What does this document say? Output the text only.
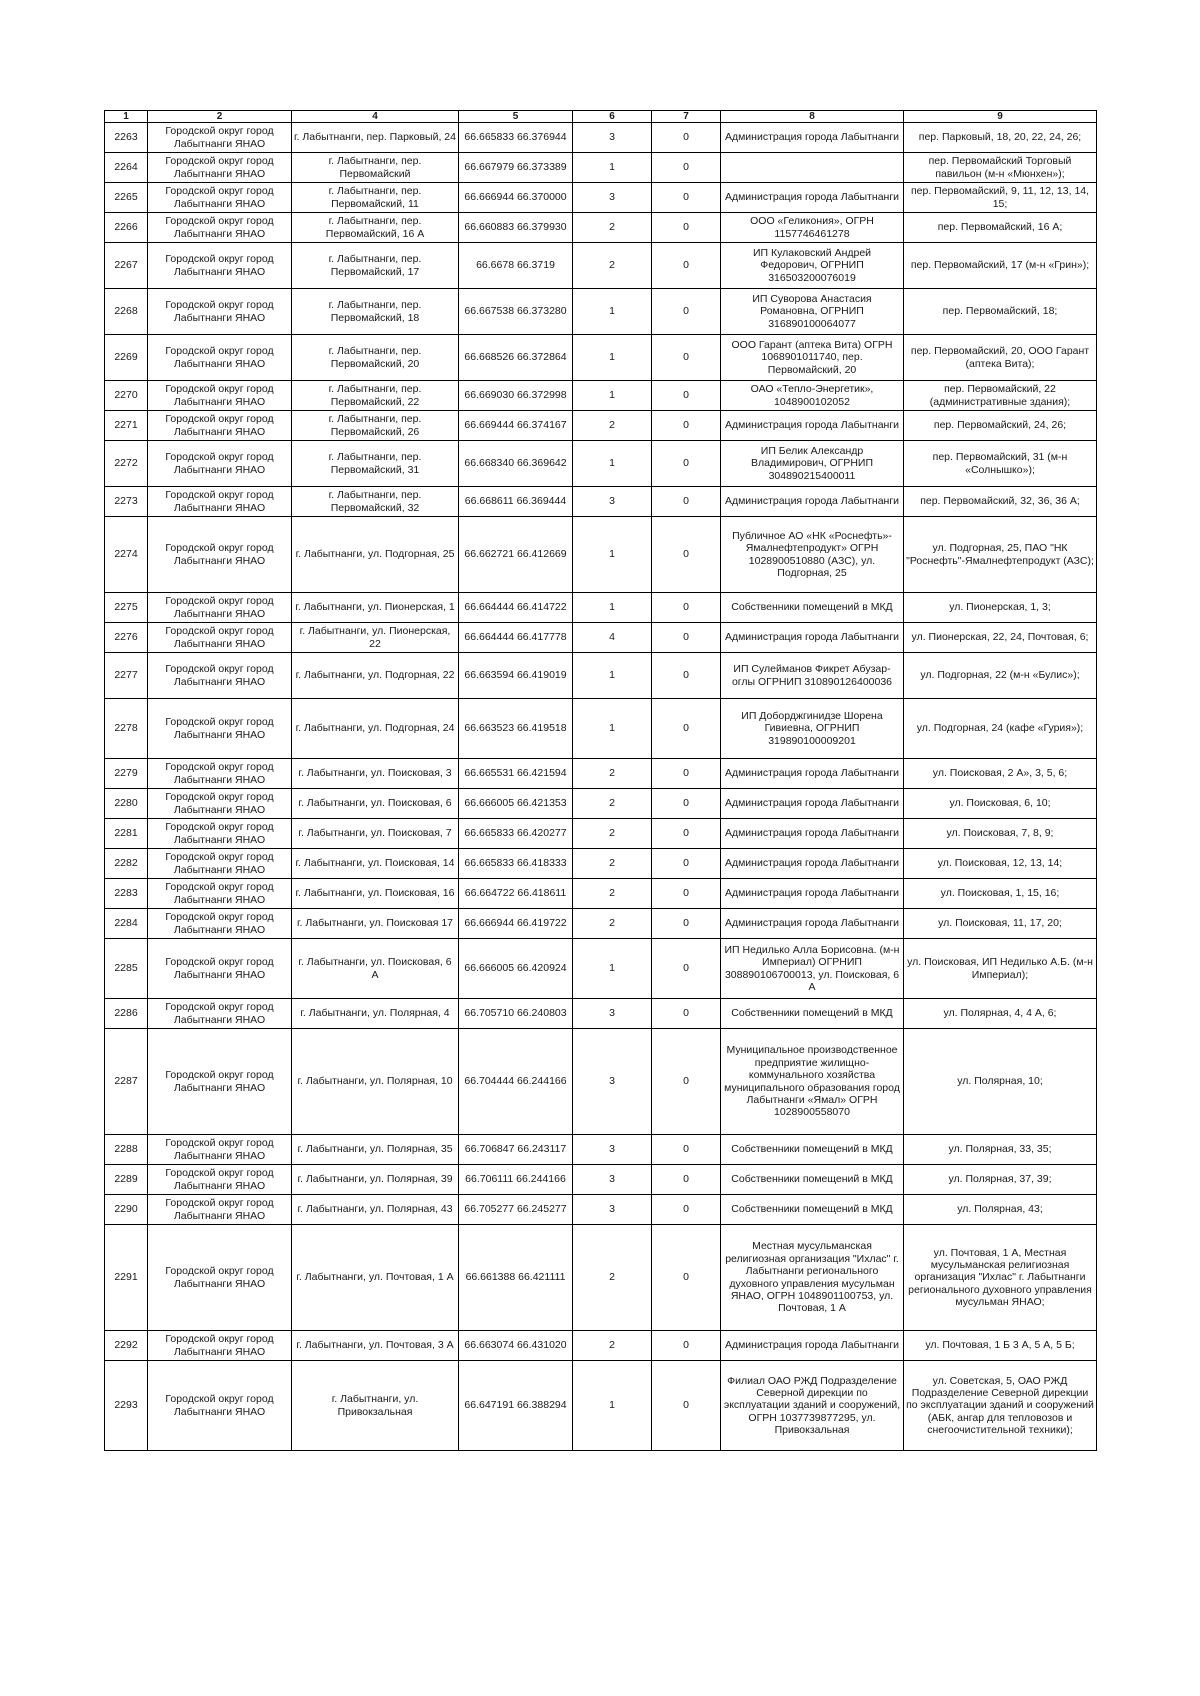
1	2	4	5	6	7	8	9
2263	Городской округ город Лабытнанги ЯНАО	г. Лабытнанги, пер. Парковый, 24	66.665833 66.376944	3	0	Администрация города Лабытнанги	пер. Парковый, 18, 20, 22, 24, 26;
2264	Городской округ город Лабытнанги ЯНАО	г. Лабытнанги, пер. Первомайский	66.667979 66.373389	1	0		пер. Первомайский Торговый павильон (м-н «Мюнхен»);
2265	Городской округ город Лабытнанги ЯНАО	г. Лабытнанги, пер. Первомайский, 11	66.666944 66.370000	3	0	Администрация города Лабытнанги	пер. Первомайский, 9, 11, 12, 13, 14, 15;
2266	Городской округ город Лабытнанги ЯНАО	г. Лабытнанги, пер. Первомайский, 16 А	66.660883 66.379930	2	0	ООО «Геликония», ОГРН 1157746461278	пер. Первомайский, 16 А;
2267	Городской округ город Лабытнанги ЯНАО	г. Лабытнанги, пер. Первомайский, 17	66.6678 66.3719	2	0	ИП Кулаковский Андрей Федорович, ОГРНИП 316503200076019	пер. Первомайский, 17 (м-н «Грин»);
2268	Городской округ город Лабытнанги ЯНАО	г. Лабытнанги, пер. Первомайский, 18	66.667538 66.373280	1	0	ИП Суворова Анастасия Романовна, ОГРНИП 316890100064077	пер. Первомайский, 18;
2269	Городской округ город Лабытнанги ЯНАО	г. Лабытнанги, пер. Первомайский, 20	66.668526 66.372864	1	0	ООО Гарант (аптека Вита) ОГРН 1068901011740, пер. Первомайский, 20	пер. Первомайский, 20, ООО Гарант (аптека Вита);
2270	Городской округ город Лабытнанги ЯНАО	г. Лабытнанги, пер. Первомайский, 22	66.669030 66.372998	1	0	ОАО «Тепло-Энергетик», 1048900102052	пер. Первомайский, 22 (административные здания);
2271	Городской округ город Лабытнанги ЯНАО	г. Лабытнанги, пер. Первомайский, 26	66.669444 66.374167	2	0	Администрация города Лабытнанги	пер. Первомайский, 24, 26;
2272	Городской округ город Лабытнанги ЯНАО	г. Лабытнанги, пер. Первомайский, 31	66.668340 66.369642	1	0	ИП Белик Александр Владимирович, ОГРНИП 304890215400011	пер. Первомайский, 31 (м-н «Солнышко»);
2273	Городской округ город Лабытнанги ЯНАО	г. Лабытнанги, пер. Первомайский, 32	66.668611 66.369444	3	0	Администрация города Лабытнанги	пер. Первомайский, 32, 36, 36 А;
2274	Городской округ город Лабытнанги ЯНАО	г. Лабытнанги, ул. Подгорная, 25	66.662721 66.412669	1	0	Публичное АО «НК «Роснефть»-Ямалнефтепродукт» ОГРН 1028900510880 (АЗС), ул. Подгорная, 25	ул. Подгорная, 25, ПАО "НК "Роснефть"-Ямалнефтепродукт (АЗС);
2275	Городской округ город Лабытнанги ЯНАО	г. Лабытнанги, ул. Пионерская, 1	66.664444 66.414722	1	0	Собственники помещений в МКД	ул. Пионерская, 1, 3;
2276	Городской округ город Лабытнанги ЯНАО	г. Лабытнанги, ул. Пионерская, 22	66.664444 66.417778	4	0	Администрация города Лабытнанги	ул. Пионерская, 22, 24, Почтовая, 6;
2277	Городской округ город Лабытнанги ЯНАО	г. Лабытнанги, ул. Подгорная, 22	66.663594 66.419019	1	0	ИП Сулейманов Фикрет Абузар-оглы ОГРНИП 310890126400036	ул. Подгорная, 22 (м-н «Булис»);
2278	Городской округ город Лабытнанги ЯНАО	г. Лабытнанги, ул. Подгорная, 24	66.663523 66.419518	1	0	ИП Доборджгинидзе Шорена Гивиевна, ОГРНИП 319890100009201	ул. Подгорная, 24 (кафе «Гурия»);
2279	Городской округ город Лабытнанги ЯНАО	г. Лабытнанги, ул. Поисковая, 3	66.665531 66.421594	2	0	Администрация города Лабытнанги	ул. Поисковая, 2 А», 3, 5, 6;
2280	Городской округ город Лабытнанги ЯНАО	г. Лабытнанги, ул. Поисковая, 6	66.666005 66.421353	2	0	Администрация города Лабытнанги	ул. Поисковая, 6, 10;
2281	Городской округ город Лабытнанги ЯНАО	г. Лабытнанги, ул. Поисковая, 7	66.665833 66.420277	2	0	Администрация города Лабытнанги	ул. Поисковая, 7, 8, 9;
2282	Городской округ город Лабытнанги ЯНАО	г. Лабытнанги, ул. Поисковая, 14	66.665833 66.418333	2	0	Администрация города Лабытнанги	ул. Поисковая, 12, 13, 14;
2283	Городской округ город Лабытнанги ЯНАО	г. Лабытнанги, ул. Поисковая, 16	66.664722 66.418611	2	0	Администрация города Лабытнанги	ул. Поисковая, 1, 15, 16;
2284	Городской округ город Лабытнанги ЯНАО	г. Лабытнанги, ул. Поисковая 17	66.666944 66.419722	2	0	Администрация города Лабытнанги	ул. Поисковая, 11, 17, 20;
2285	Городской округ город Лабытнанги ЯНАО	г. Лабытнанги, ул. Поисковая, 6 А	66.666005 66.420924	1	0	ИП Недилько Алла Борисовна. (м-н Империал) ОГРНИП 308890106700013, ул. Поисковая, 6 А	ул. Поисковая, ИП Недилько А.Б. (м-н Империал);
2286	Городской округ город Лабытнанги ЯНАО	г. Лабытнанги, ул. Полярная, 4	66.705710 66.240803	3	0	Собственники помещений в МКД	ул. Полярная, 4, 4 А, 6;
2287	Городской округ город Лабытнанги ЯНАО	г. Лабытнанги, ул. Полярная, 10	66.704444 66.244166	3	0	Муниципальное производственное предприятие жилищно-коммунального хозяйства муниципального образования город Лабытнанги «Ямал» ОГРН 1028900558070	ул. Полярная, 10;
2288	Городской округ город Лабытнанги ЯНАО	г. Лабытнанги, ул. Полярная, 35	66.706847 66.243117	3	0	Собственники помещений в МКД	ул. Полярная, 33, 35;
2289	Городской округ город Лабытнанги ЯНАО	г. Лабытнанги, ул. Полярная, 39	66.706111 66.244166	3	0	Собственники помещений в МКД	ул. Полярная, 37, 39;
2290	Городской округ город Лабытнанги ЯНАО	г. Лабытнанги, ул. Полярная, 43	66.705277 66.245277	3	0	Собственники помещений в МКД	ул. Полярная, 43;
2291	Городской округ город Лабытнанги ЯНАО	г. Лабытнанги, ул. Почтовая, 1 А	66.661388 66.421111	2	0	Местная мусульманская религиозная организация "Ихлас" г. Лабытнанги регионального духовного управления мусульман ЯНАО, ОГРН 1048901100753, ул. Почтовая, 1 А	ул. Почтовая, 1 А, Местная мусульманская религиозная организация "Ихлас" г. Лабытнанги регионального духовного управления мусульман ЯНАО;
2292	Городской округ город Лабытнанги ЯНАО	г. Лабытнанги, ул. Почтовая, 3 А	66.663074 66.431020	2	0	Администрация города Лабытнанги	ул. Почтовая, 1 Б 3 А, 5 А, 5 Б;
2293	Городской округ город Лабытнанги ЯНАО	г. Лабытнанги, ул. Привокзальная	66.647191 66.388294	1	0	Филиал ОАО РЖД Подразделение Северной дирекции по эксплуатации зданий и сооружений, ОГРН 1037739877295, ул. Привокзальная	ул. Советская, 5, ОАО РЖД Подразделение Северной дирекции по эксплуатации зданий и сооружений (АБК, ангар для тепловозов и снегоочистительной техники);
